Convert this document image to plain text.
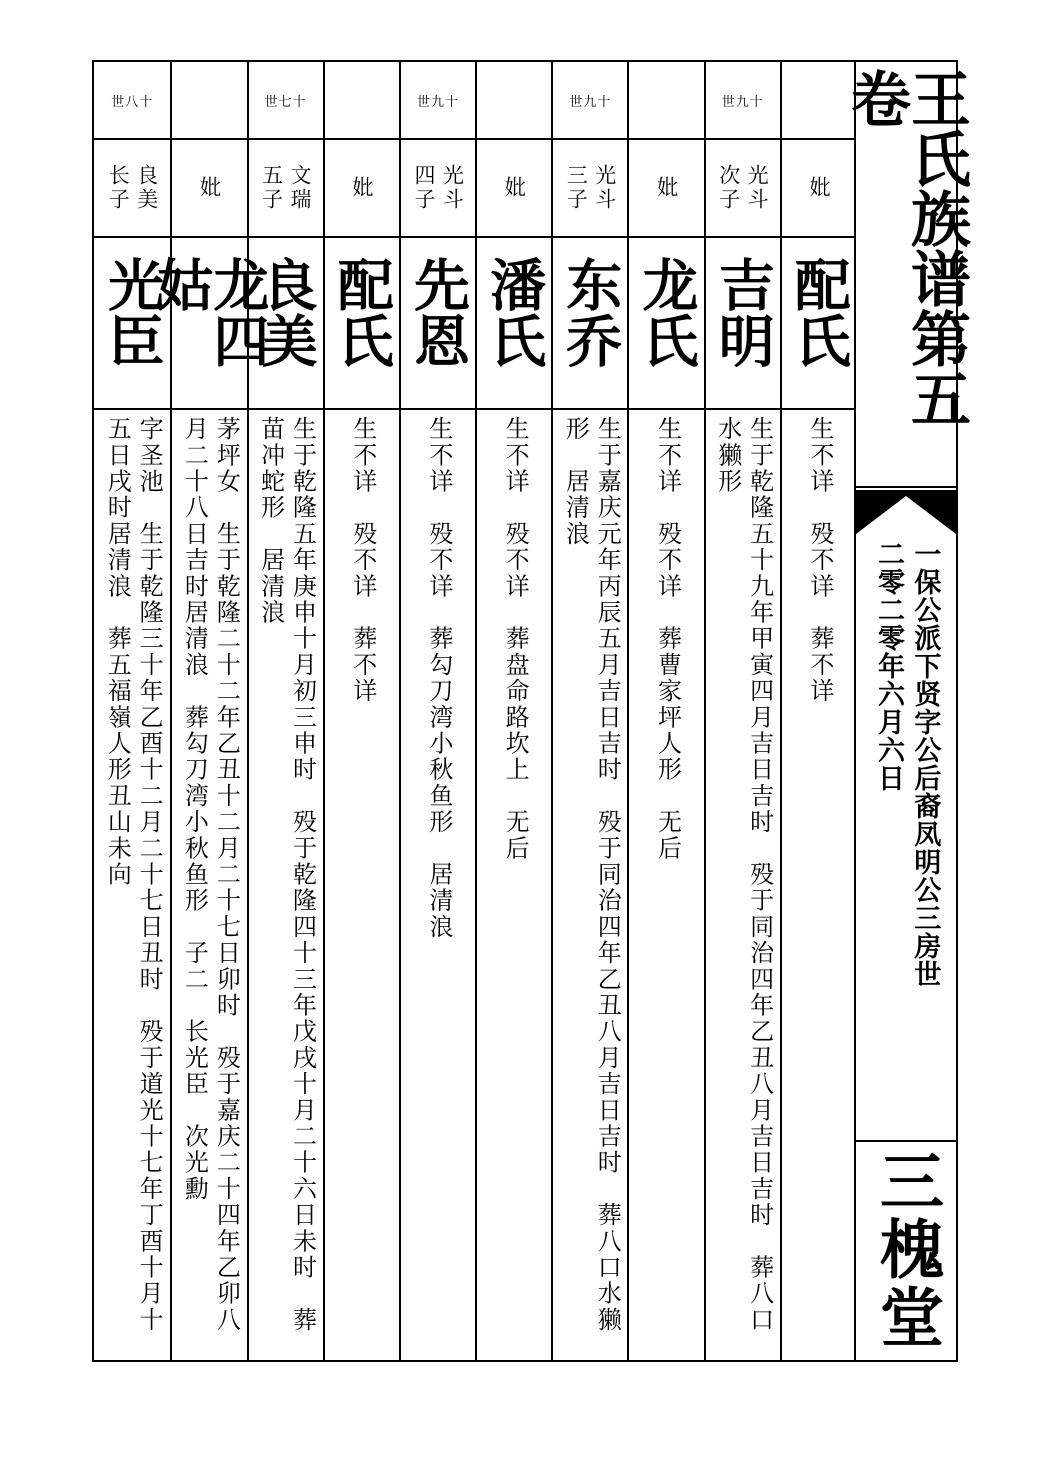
妣
配氏
生不详　殁不详　葬不详
世九十
光斗
次子
吉明
生于乾隆五十九年甲寅四月吉日吉时　殁于同治四年乙丑八月吉日吉时　葬八口水獭形
妣
龙氏
生不详　殁不详　葬曹家坪人形　无后
世九十
光斗
三子
东乔
生于嘉庆元年丙辰五月吉日吉时　殁于同治四年乙丑八月吉日吉时　葬八口水獭形　居清浪
妣
潘氏
生不详　殁不详　葬盘命路坎上　无后
世九十
光斗
四子
先恩
生不详　殁不详　葬勾刀湾小秋鱼形　居清浪
妣
配氏
生不详　殁不详　葬不详
世七十
文瑞
五子
良美
生于乾隆五年庚申十月初三申时　殁于乾隆四十三年戊戌十月二十六日未时　葬苗冲蛇形　居清浪
妣
龙四姑
茅坪女　生于乾隆二十二年乙丑十二月二十七日卯时　殁于嘉庆二十四年乙卯八月二十八日吉时居清浪　葬勾刀湾小秋鱼形　子二　长光臣　次光勳
世八十
良美
长子
光臣
字圣池　生于乾隆三十年乙酉十二月二十七日丑时　殁于道光十七年丁酉十月十五日戌时居清浪　葬五福嶺人形丑山未向
王氏族谱第五卷
一保公派下贤字公后裔凤明公三房世
二零二零年六月六日
三槐堂
